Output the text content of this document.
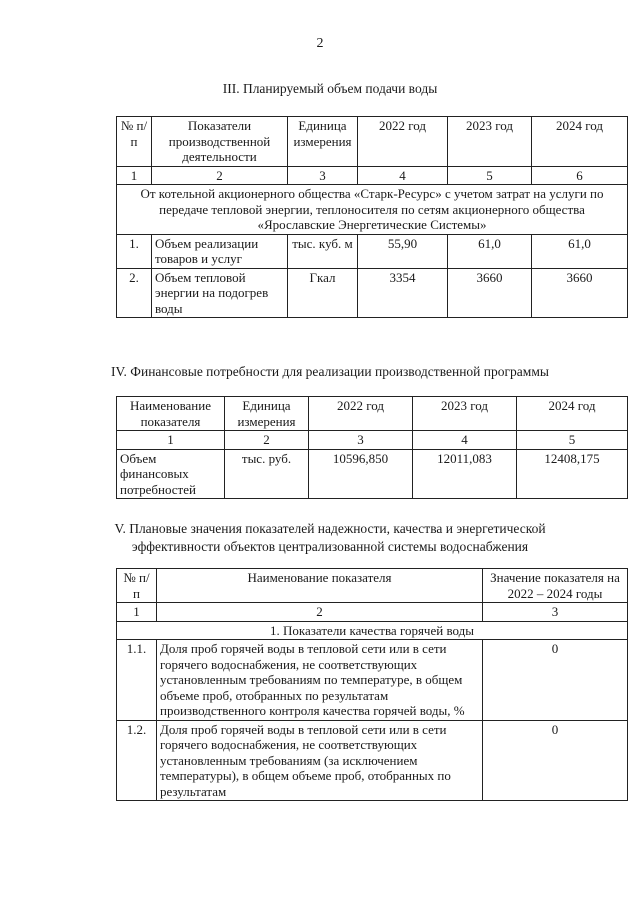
2
III. Планируемый объем подачи воды
№ п/п	Показатели производственной деятельности	Единица измерения	2022 год	2023 год	2024 год
1	2	3	4	5	6
От котельной акционерного общества «Старк-Ресурс» с учетом затрат на услуги по передаче тепловой энергии, теплоносителя по сетям акционерного общества «Ярославские Энергетические Системы»					
1.	Объем реализации товаров и услуг	тыс. куб. м	55,90	61,0	61,0
2.	Объем тепловой энергии на подогрев воды	Гкал	3354	3660	3660
IV. Финансовые потребности для реализации производственной программы
Наименование показателя	Единица измерения	2022 год	2023 год	2024 год
1	2	3	4	5
Объем финансовых потребностей	тыс. руб.	10596,850	12011,083	12408,175
V. Плановые значения показателей надежности, качества и энергетической
эффективности объектов централизованной системы водоснабжения
№ п/п	Наименование показателя	Значение показателя на 2022 – 2024 годы
1	2	3
1. Показатели качества горячей воды		
1.1.	Доля проб горячей воды в тепловой сети или в сети горячего водоснабжения, не соответствующих установленным требованиям по температуре, в общем объеме проб, отобранных по результатам производственного контроля качества горячей воды, %	0
1.2.	Доля проб горячей воды в тепловой сети или в сети горячего водоснабжения, не соответствующих установленным требованиям (за исключением температуры), в общем объеме проб, отобранных по результатам	0
